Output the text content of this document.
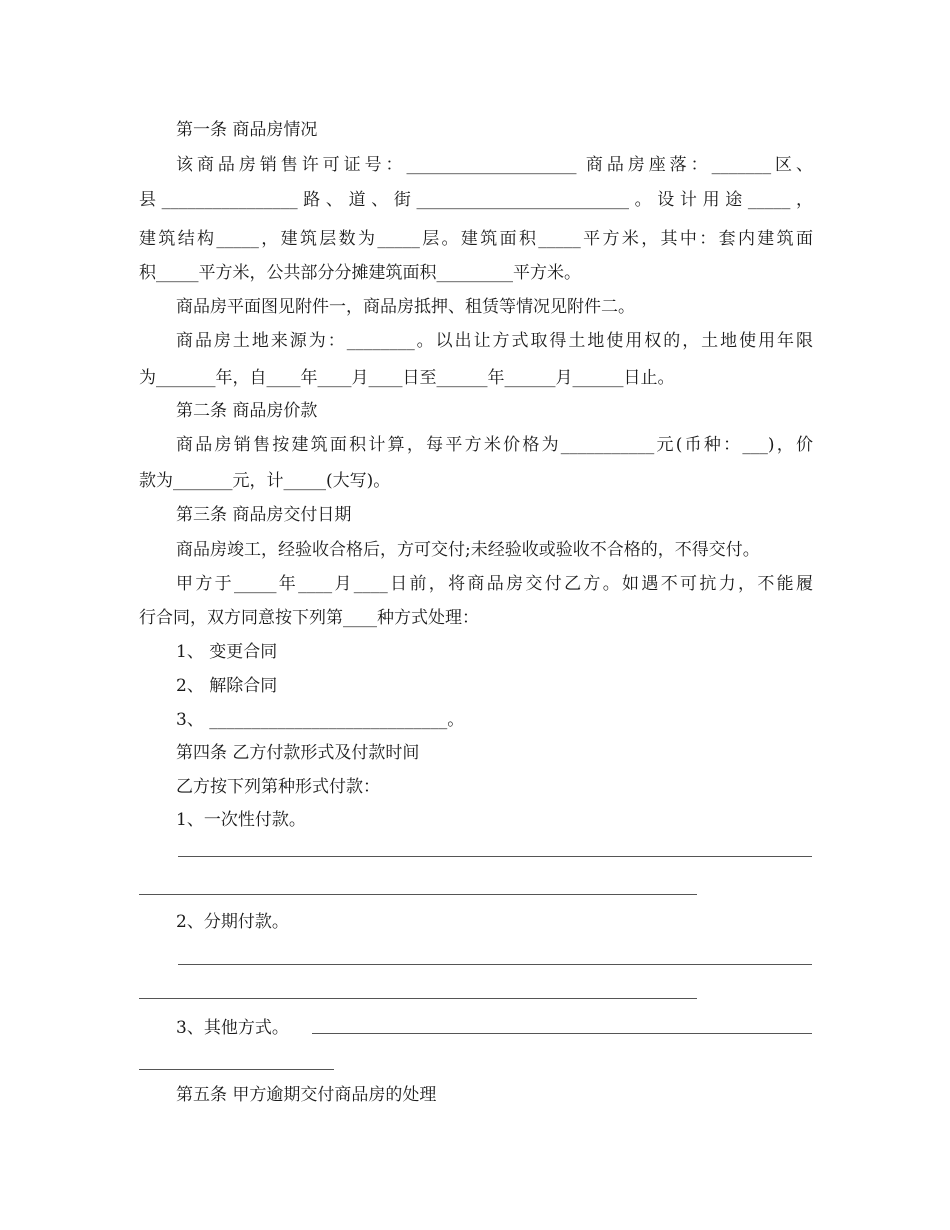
第一条 商品房情况
该商品房销售许可证号：____________________ 商品房座落：_______区、
县________________路、道、街_________________________。设计用途_____，
建筑结构_____，建筑层数为_____层。建筑面积_____平方米，其中：套内建筑面
积_____平方米，公共部分分摊建筑面积_________平方米。
商品房平面图见附件一，商品房抵押、租赁等情况见附件二。
商品房土地来源为：________。以出让方式取得土地使用权的，土地使用年限
为_______年，自____年____月____日至______年______月______日止。
第二条 商品房价款
商品房销售按建筑面积计算，每平方米价格为___________元(币种：___)，价
款为_______元，计_____(大写)。
第三条 商品房交付日期
商品房竣工，经验收合格后，方可交付;未经验收或验收不合格的，不得交付。
甲方于_____年____月____日前，将商品房交付乙方。如遇不可抗力，不能履
行合同，双方同意按下列第____种方式处理：
1、 变更合同
2、 解除合同
3、 ____________________________。
第四条 乙方付款形式及付款时间
乙方按下列第种形式付款：
1、一次性付款。
2、分期付款。
3、其他方式。
第五条 甲方逾期交付商品房的处理
